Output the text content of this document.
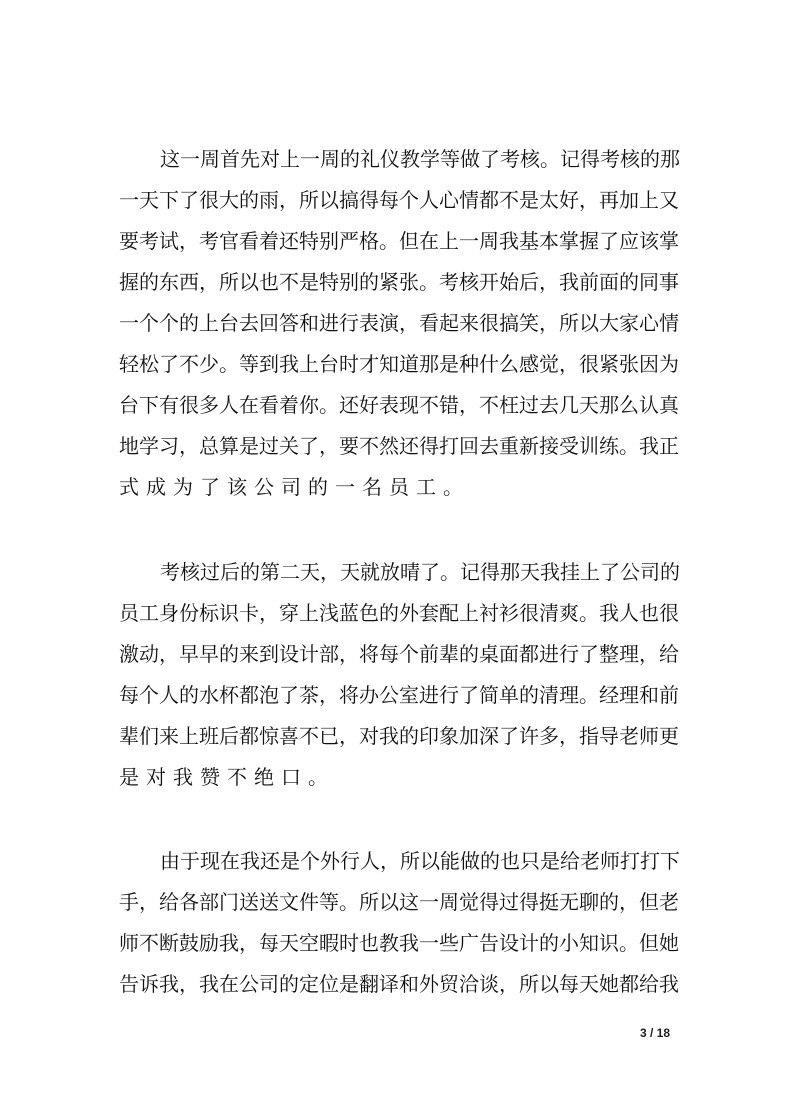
这一周首先对上一周的礼仪教学等做了考核。记得考核的那
一天下了很大的雨，所以搞得每个人心情都不是太好，再加上又
要考试，考官看着还特别严格。但在上一周我基本掌握了应该掌
握的东西，所以也不是特别的紧张。考核开始后，我前面的同事
一个个的上台去回答和进行表演，看起来很搞笑，所以大家心情
轻松了不少。等到我上台时才知道那是种什么感觉，很紧张因为
台下有很多人在看着你。还好表现不错，不枉过去几天那么认真
地学习，总算是过关了，要不然还得打回去重新接受训练。我正
式成为了该公司的一名员工。
考核过后的第二天，天就放晴了。记得那天我挂上了公司的
员工身份标识卡，穿上浅蓝色的外套配上衬衫很清爽。我人也很
激动，早早的来到设计部，将每个前辈的桌面都进行了整理，给
每个人的水杯都泡了茶，将办公室进行了简单的清理。经理和前
辈们来上班后都惊喜不已，对我的印象加深了许多，指导老师更
是对我赞不绝口。
由于现在我还是个外行人，所以能做的也只是给老师打打下
手，给各部门送送文件等。所以这一周觉得过得挺无聊的，但老
师不断鼓励我，每天空暇时也教我一些广告设计的小知识。但她
告诉我，我在公司的定位是翻译和外贸洽谈，所以每天她都给我
3 / 18
